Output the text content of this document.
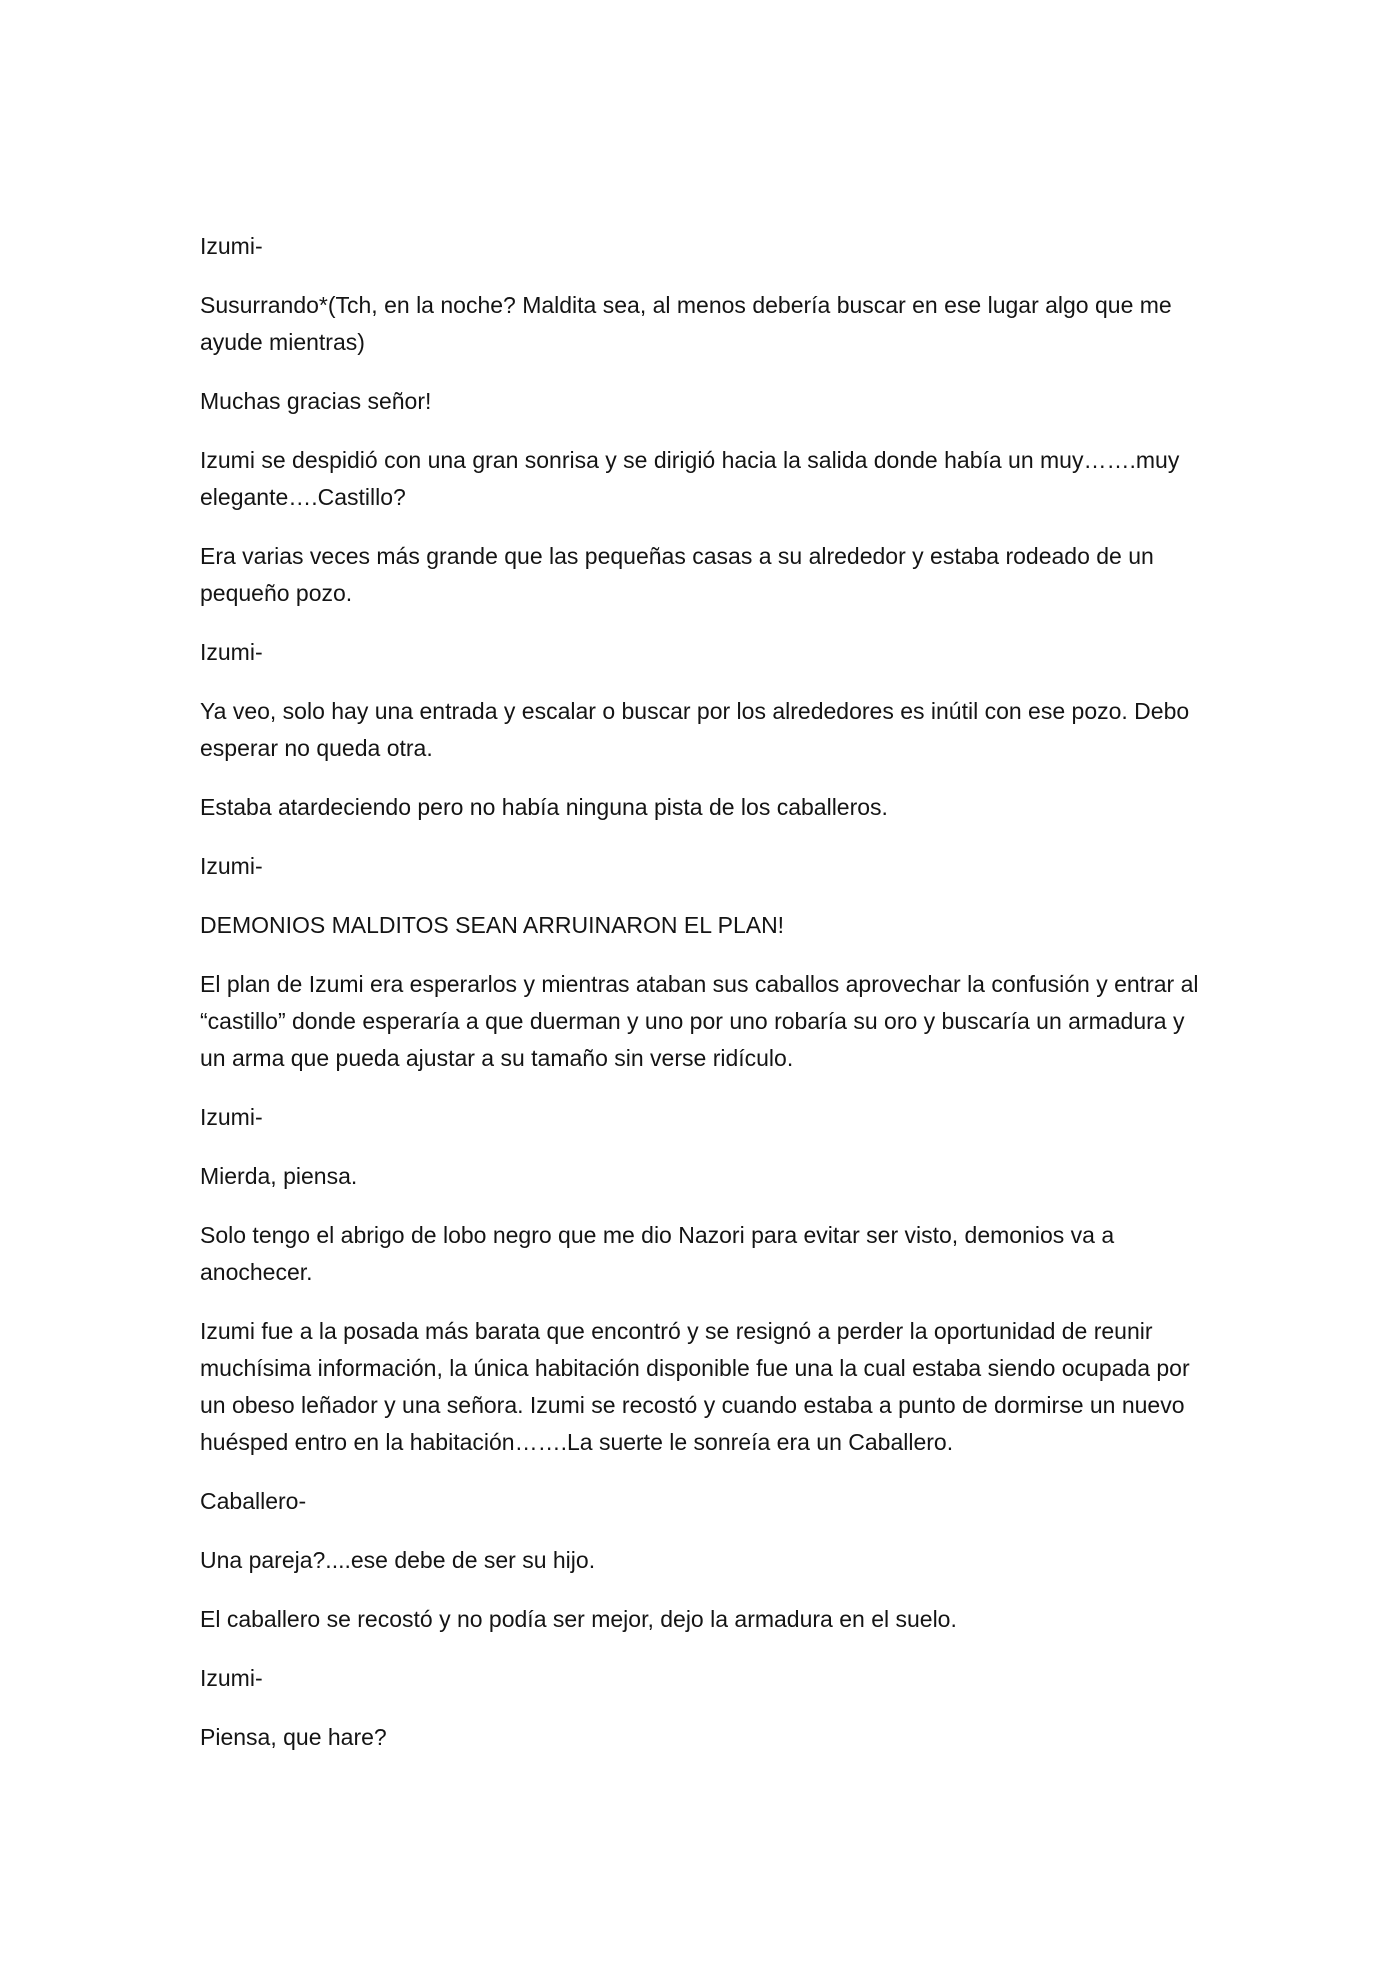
Izumi-

Susurrando*(Tch, en la noche? Maldita sea, al menos debería buscar en ese lugar algo que me ayude mientras)

Muchas gracias señor!

Izumi se despidió con una gran sonrisa y se dirigió hacia la salida donde había un muy…….muy elegante….Castillo?

Era varias veces más grande que las pequeñas casas a su alrededor y estaba rodeado de un pequeño pozo.

Izumi-

Ya veo, solo hay una entrada y escalar o buscar por los alrededores es inútil con ese pozo. Debo esperar no queda otra.

Estaba atardeciendo pero no había ninguna pista de los caballeros.

Izumi-

DEMONIOS MALDITOS SEAN ARRUINARON EL PLAN!

El plan de Izumi era esperarlos y mientras ataban sus caballos aprovechar la confusión y entrar al “castillo” donde esperaría a que duerman y uno por uno robaría su oro y buscaría un armadura y un arma que pueda ajustar a su tamaño sin verse ridículo.

Izumi-

Mierda, piensa.

Solo tengo el abrigo de lobo negro que me dio Nazori para evitar ser visto, demonios va a anochecer.

Izumi fue a la posada más barata que encontró y se resignó a perder la oportunidad de reunir muchísima información, la única habitación disponible fue una la cual estaba siendo ocupada por un obeso leñador y una señora. Izumi se recostó y cuando estaba a punto de dormirse un nuevo huésped entro en la habitación…….La suerte le sonreía era un Caballero.

Caballero-

Una pareja?....ese debe de ser su hijo.

El caballero se recostó y no podía ser mejor, dejo la armadura en el suelo.

Izumi-

Piensa, que hare?
